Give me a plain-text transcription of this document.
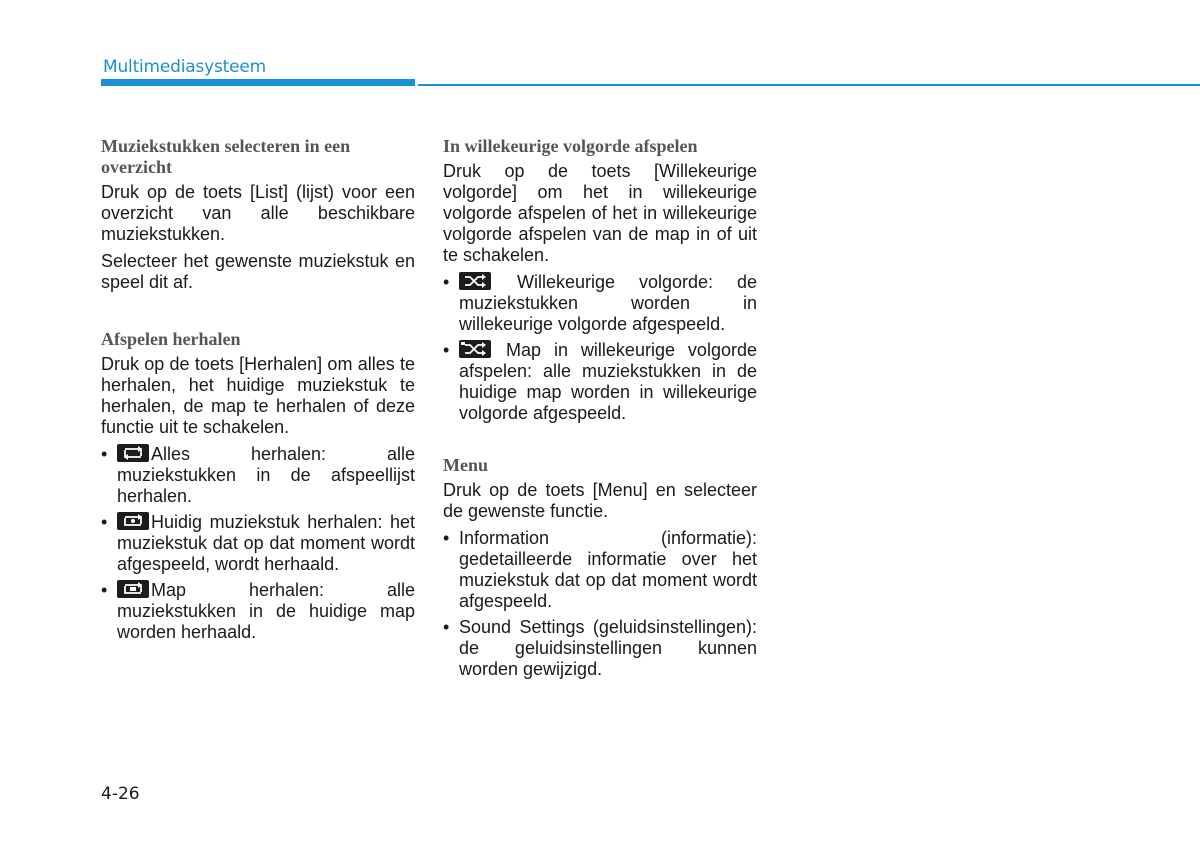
Multimediasysteem
Muziekstukken selecteren in een overzicht

Druk op de toets [List] (lijst) voor een overzicht van alle beschikbare muziekstukken.

Selecteer het gewenste muziekstuk en speel dit af.

Afspelen herhalen

Druk op de toets [Herhalen] om alles te herhalen, het huidige muziekstuk te herhalen, de map te herhalen of deze functie uit te schakelen.

• Alles herhalen: alle muziekstukken in de afspeellijst herhalen.
• Huidig muziekstuk herhalen: het muziekstuk dat op dat moment wordt afgespeeld, wordt herhaald.
• Map herhalen: alle muziekstukken in de huidige map worden herhaald.
In willekeurige volgorde afspelen

Druk op de toets [Willekeurige volgorde] om het in willekeurige volgorde afspelen of het in willekeurige volgorde afspelen van de map in of uit te schakelen.

•	Willekeurige volgorde: de muziekstukken worden in willekeurige volgorde afgespeeld.
•	Map in willekeurige volgorde afspelen: alle muziekstukken in de huidige map worden in willekeurige volgorde afgespeeld.
Menu

Druk op de toets [Menu] en selecteer de gewenste functie.

• Information (informatie): gedetailleerde informatie over het muziekstuk dat op dat moment wordt afgespeeld.
• Sound Settings (geluidsinstellingen): de geluidsinstellingen kunnen worden gewijzigd.
4-26
